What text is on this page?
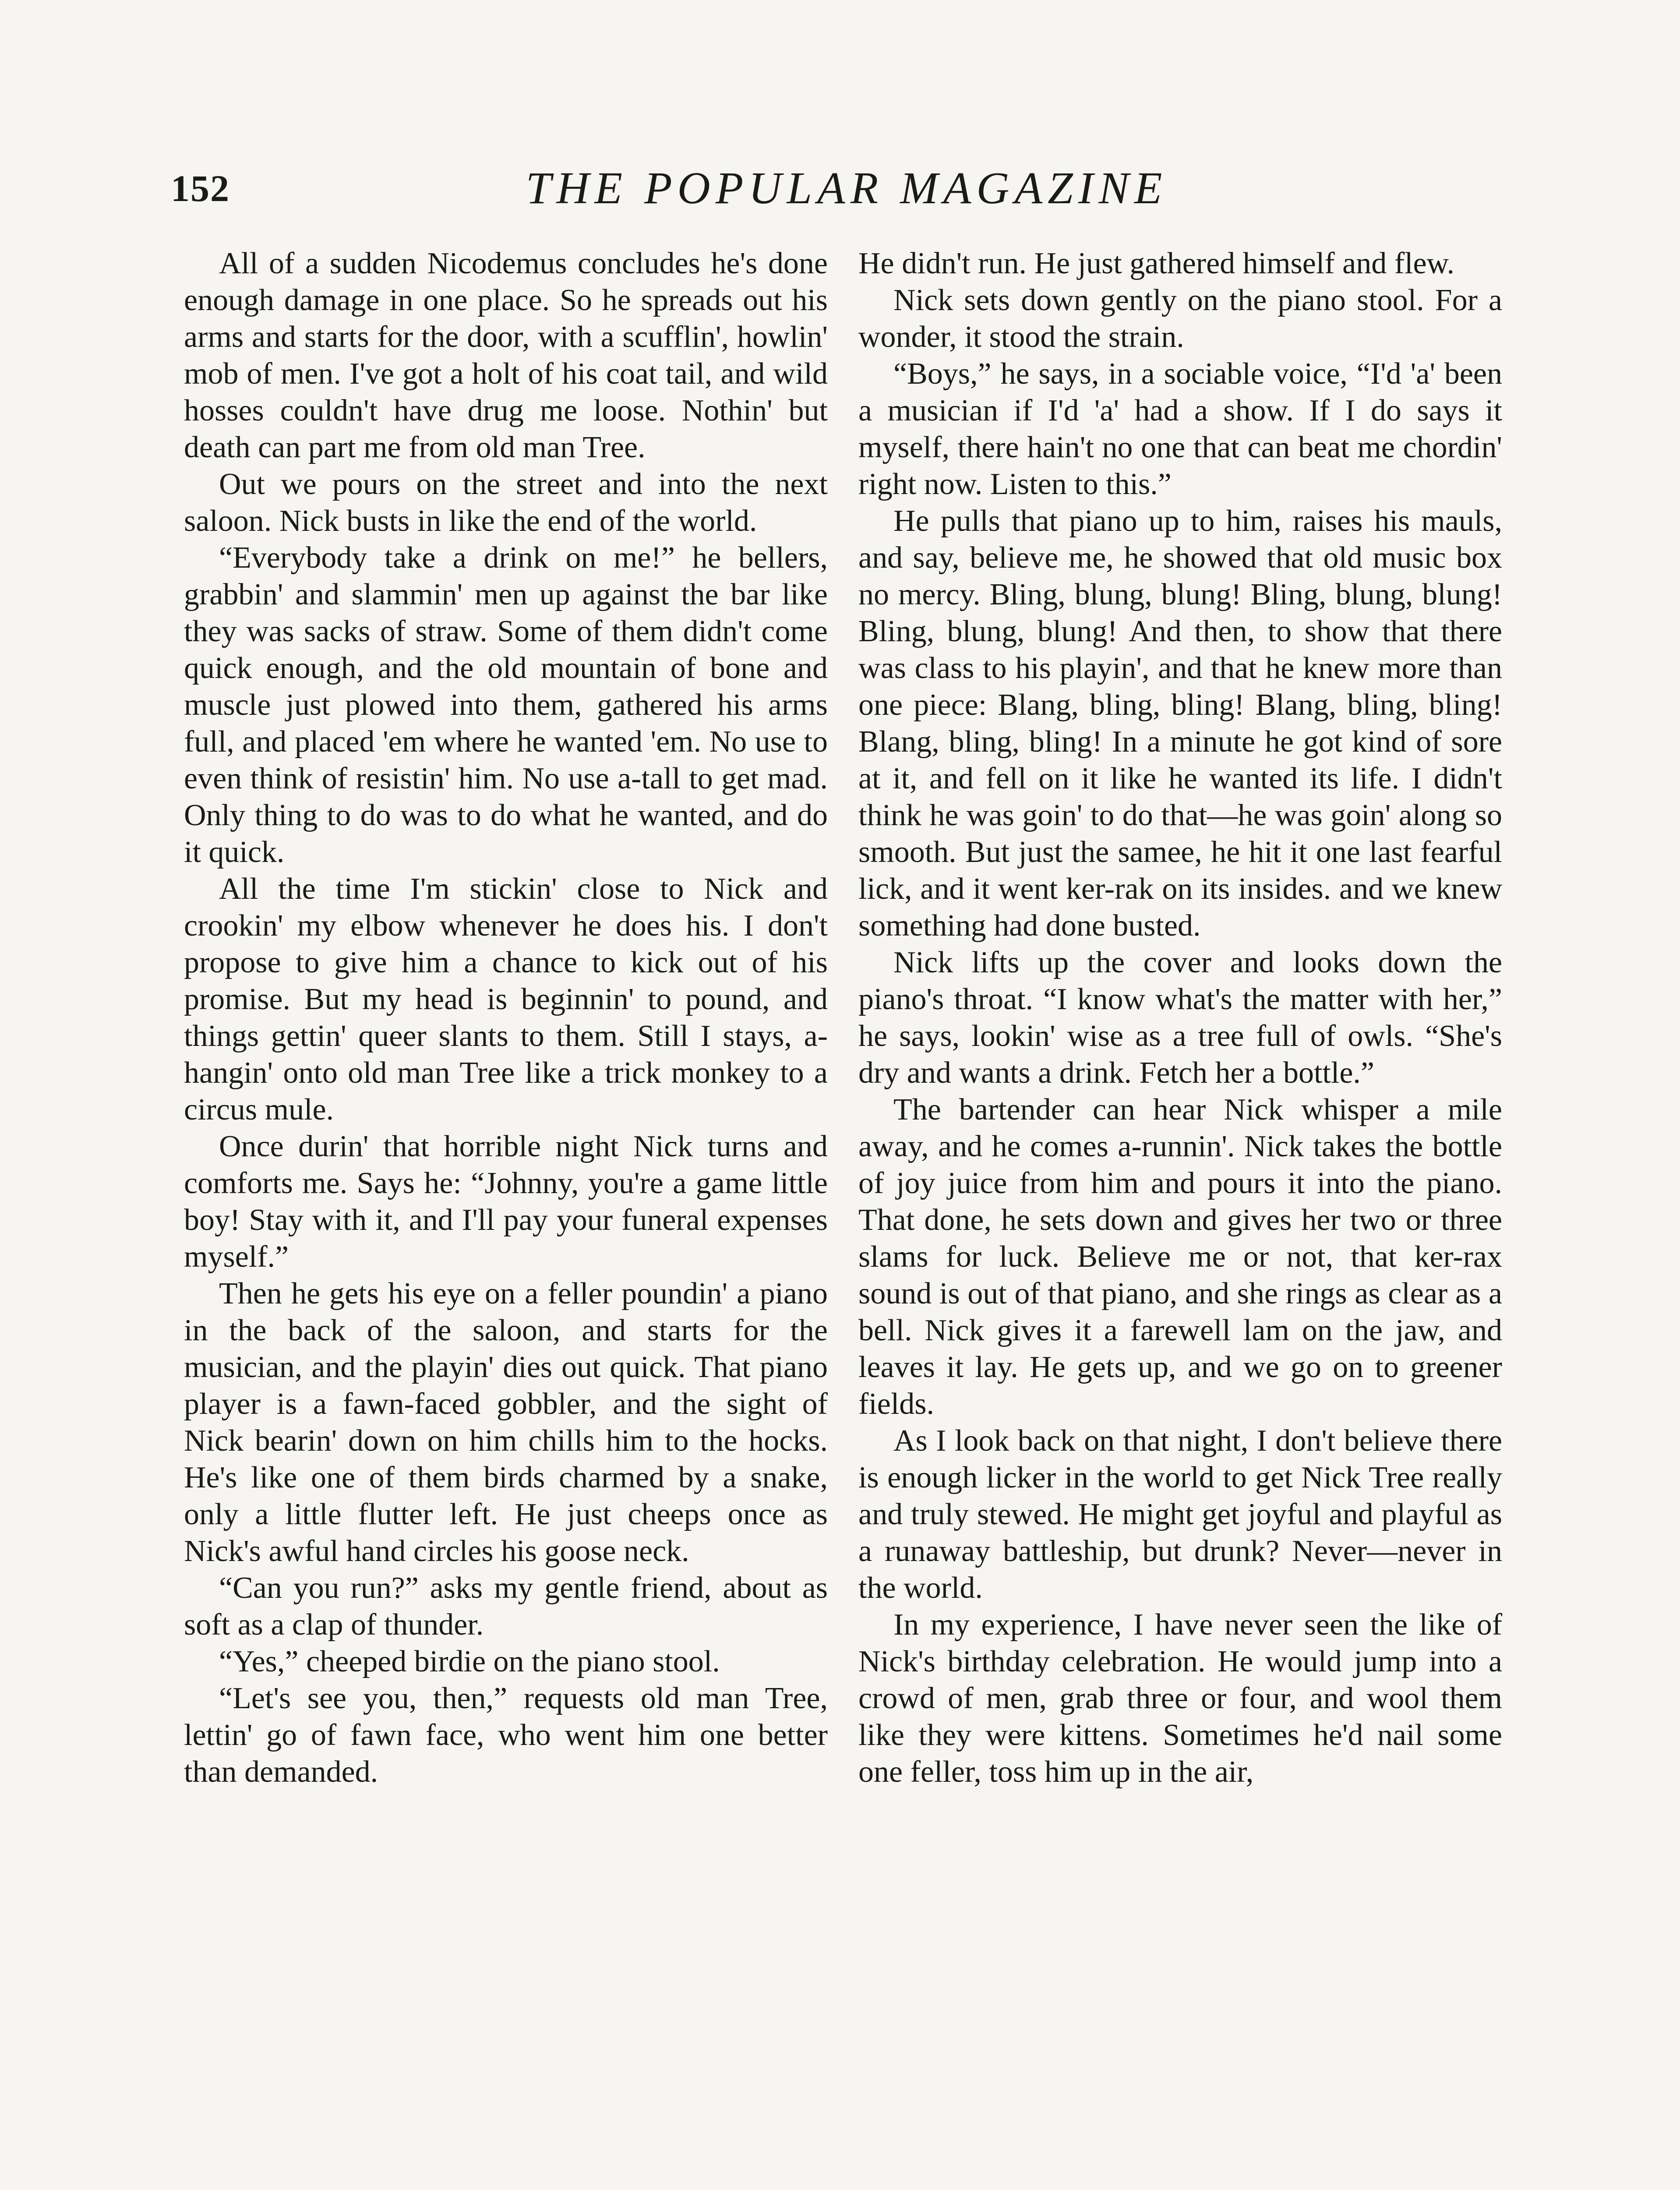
152	THE POPULAR MAGAZINE

All of a sudden Nicodemus concludes he's done enough damage in one place. So he spreads out his arms and starts for the door, with a scufflin', howlin' mob of men. I've got a holt of his coat tail, and wild hosses couldn't have drug me loose. Nothin' but death can part me from old man Tree.

Out we pours on the street and into the next saloon. Nick busts in like the end of the world.

“Everybody take a drink on me!” he bellers, grabbin' and slammin' men up against the bar like they was sacks of straw. Some of them didn't come quick enough, and the old mountain of bone and muscle just plowed into them, gathered his arms full, and placed 'em where he wanted 'em. No use to even think of resistin' him. No use a-tall to get mad. Only thing to do was to do what he wanted, and do it quick.

All the time I'm stickin' close to Nick and crookin' my elbow whenever he does his. I don't propose to give him a chance to kick out of his promise. But my head is beginnin' to pound, and things gettin' queer slants to them. Still I stays, a-hangin' onto old man Tree like a trick monkey to a circus mule.

Once durin' that horrible night Nick turns and comforts me. Says he: “Johnny, you're a game little boy! Stay with it, and I'll pay your funeral expenses myself.”

Then he gets his eye on a feller poundin' a piano in the back of the saloon, and starts for the musician, and the playin' dies out quick. That piano player is a fawn-faced gobbler, and the sight of Nick bearin' down on him chills him to the hocks. He's like one of them birds charmed by a snake, only a little flutter left. He just cheeps once as Nick's awful hand circles his goose neck.

“Can you run?” asks my gentle friend, about as soft as a clap of thunder.

“Yes,” cheeped birdie on the piano stool.

“Let's see you, then,” requests old man Tree, lettin' go of fawn face, who went him one better than demanded.

He didn't run. He just gathered himself and flew.

Nick sets down gently on the piano stool. For a wonder, it stood the strain.

“Boys,” he says, in a sociable voice, “I'd 'a' been a musician if I'd 'a' had a show. If I do says it myself, there hain't no one that can beat me chordin' right now. Listen to this.”

He pulls that piano up to him, raises his mauls, and say, believe me, he showed that old music box no mercy. Bling, blung, blung! Bling, blung, blung! Bling, blung, blung! And then, to show that there was class to his playin', and that he knew more than one piece: Blang, bling, bling! Blang, bling, bling! Blang, bling, bling! In a minute he got kind of sore at it, and fell on it like he wanted its life. I didn't think he was goin' to do that—he was goin' along so smooth. But just the samee, he hit it one last fearful lick, and it went ker-rak on its insides. and we knew something had done busted.

Nick lifts up the cover and looks down the piano's throat. “I know what's the matter with her,” he says, lookin' wise as a tree full of owls. “She's dry and wants a drink. Fetch her a bottle.”

The bartender can hear Nick whisper a mile away, and he comes a-runnin'. Nick takes the bottle of joy juice from him and pours it into the piano. That done, he sets down and gives her two or three slams for luck. Believe me or not, that ker-rax sound is out of that piano, and she rings as clear as a bell. Nick gives it a farewell lam on the jaw, and leaves it lay. He gets up, and we go on to greener fields.

As I look back on that night, I don't believe there is enough licker in the world to get Nick Tree really and truly stewed. He might get joyful and playful as a runaway battleship, but drunk? Never—never in the world.

In my experience, I have never seen the like of Nick's birthday celebration. He would jump into a crowd of men, grab three or four, and wool them like they were kittens. Sometimes he'd nail some one feller, toss him up in the air,
